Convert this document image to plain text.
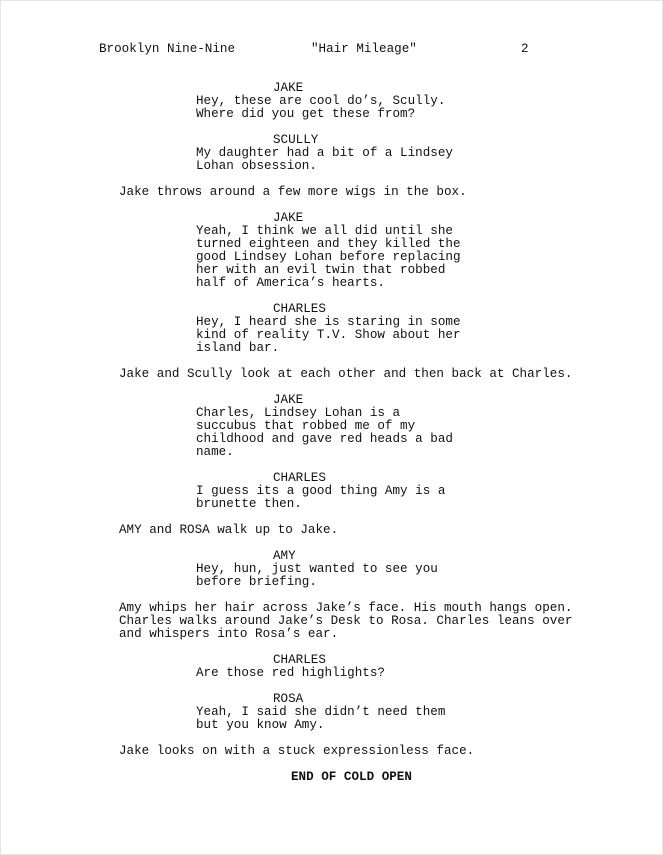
Brooklyn Nine-Nine	"Hair Mileage"	2
JAKE
Hey, these are cool do’s, Scully.
Where did you get these from?
SCULLY
My daughter had a bit of a Lindsey
Lohan obsession.
Jake throws around a few more wigs in the box.
JAKE
Yeah, I think we all did until she
turned eighteen and they killed the
good Lindsey Lohan before replacing
her with an evil twin that robbed
half of America’s hearts.
CHARLES
Hey, I heard she is staring in some
kind of reality T.V. Show about her
island bar.
Jake and Scully look at each other and then back at Charles.
JAKE
Charles, Lindsey Lohan is a
succubus that robbed me of my
childhood and gave red heads a bad
name.
CHARLES
I guess its a good thing Amy is a
brunette then.
AMY and ROSA walk up to Jake.
AMY
Hey, hun, just wanted to see you
before briefing.
Amy whips her hair across Jake’s face. His mouth hangs open.
Charles walks around Jake’s Desk to Rosa. Charles leans over
and whispers into Rosa’s ear.
CHARLES
Are those red highlights?
ROSA
Yeah, I said she didn’t need them
but you know Amy.
Jake looks on with a stuck expressionless face.
END OF COLD OPEN
